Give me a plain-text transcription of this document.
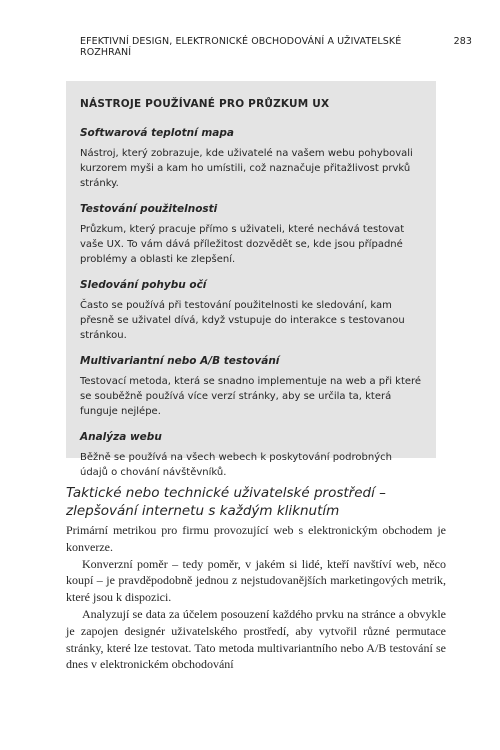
EFEKTIVNÍ DESIGN, ELEKTRONICKÉ OBCHODOVÁNÍ A UŽIVATELSKÉ ROZHRANÍ
283
NÁSTROJE POUŽÍVANÉ PRO PRŮZKUM UX
Softwarová teplotní mapa
Nástroj, který zobrazuje, kde uživatelé na vašem webu pohybovali kurzorem myši a kam ho umístili, což naznačuje přitažlivost prvků stránky.
Testování použitelnosti
Průzkum, který pracuje přímo s uživateli, které nechává testovat vaše UX. To vám dává příležitost dozvědět se, kde jsou případné problémy a oblasti ke zlepšení.
Sledování pohybu očí
Často se používá při testování použitelnosti ke sledování, kam přesně se uživatel dívá, když vstupuje do interakce s testovanou stránkou.
Multivariantní nebo A/B testování
Testovací metoda, která se snadno implementuje na web a při které se souběžně používá více verzí stránky, aby se určila ta, která funguje nejlépe.
Analýza webu
Běžně se používá na všech webech k poskytování podrobných údajů o chování návštěvníků.
Taktické nebo technické uživatelské prostředí – zlepšování internetu s každým kliknutím

Primární metrikou pro firmu provozující web s elektronickým obchodem je konverze.

Konverzní poměr – tedy poměr, v jakém si lidé, kteří navštíví web, něco koupí – je pravděpodobně jednou z nejstudovanějších marketingových metrik, které jsou k dispozici.

Analyzují se data za účelem posouzení každého prvku na stránce a obvykle je zapojen designér uživatelského prostředí, aby vytvořil různé permutace stránky, které lze testovat. Tato metoda multivariantního nebo A/B testování se dnes v elektronickém obchodování
